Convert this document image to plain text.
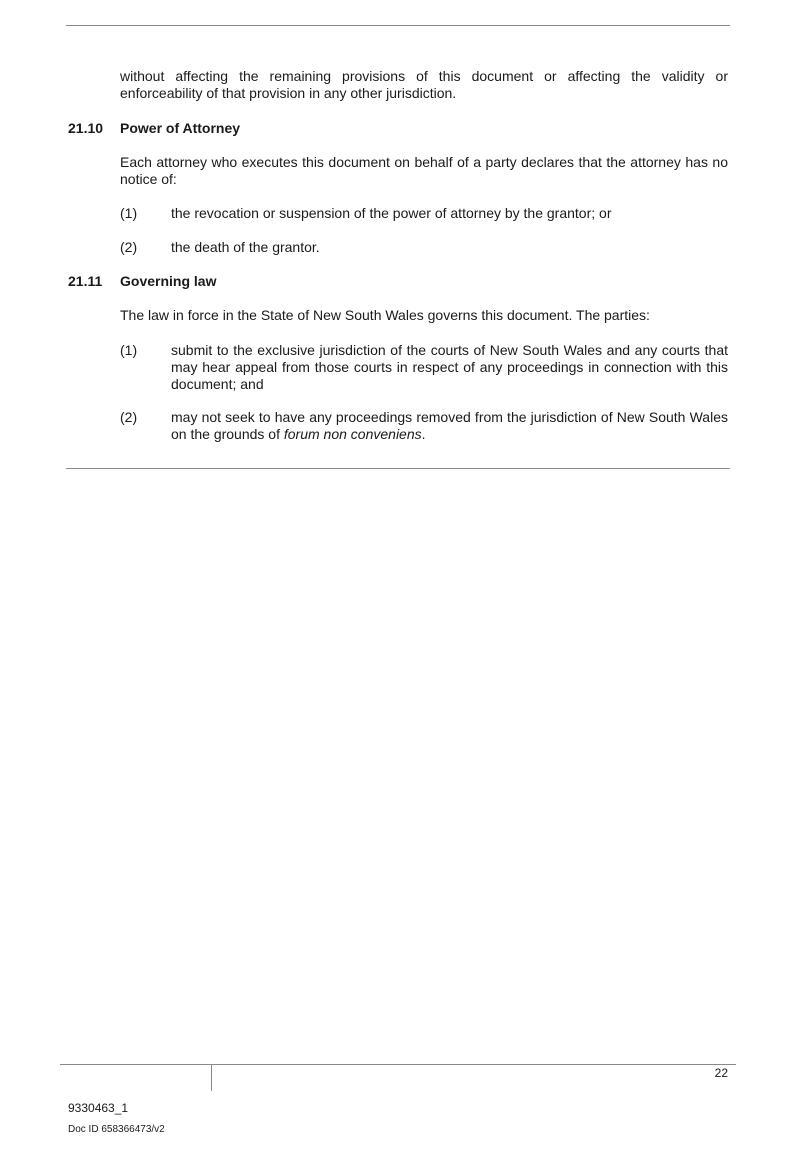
without affecting the remaining provisions of this document or affecting the validity or enforceability of that provision in any other jurisdiction.

21.10 Power of Attorney

Each attorney who executes this document on behalf of a party declares that the attorney has no notice of:

(1) the revocation or suspension of the power of attorney by the grantor; or
(2) the death of the grantor.

21.11 Governing law

The law in force in the State of New South Wales governs this document. The parties:

(1) submit to the exclusive jurisdiction of the courts of New South Wales and any courts that may hear appeal from those courts in respect of any proceedings in connection with this document; and
(2) may not seek to have any proceedings removed from the jurisdiction of New South Wales on the grounds of forum non conveniens.
22
9330463_1
Doc ID 658366473/v2
